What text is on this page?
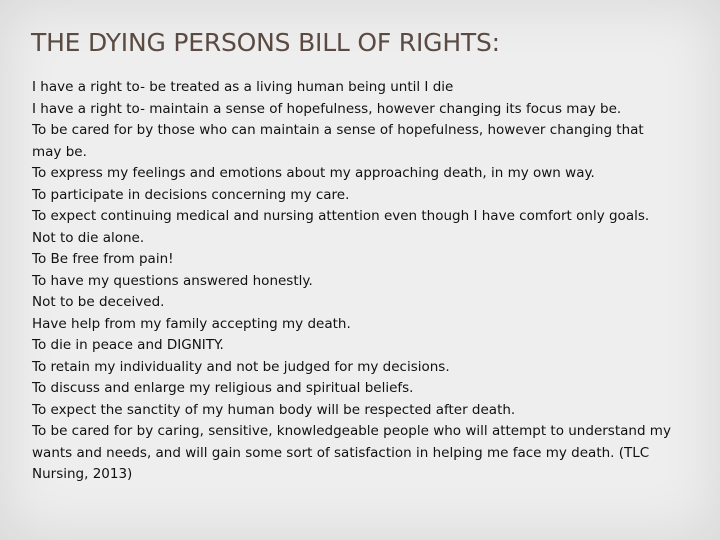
THE DYING PERSONS BILL OF RIGHTS:
I have a right to- be treated as a living human being until I die
I have a right to- maintain a sense of hopefulness, however changing its focus may be.
To be cared for by those who can maintain a sense of hopefulness, however changing that may be.
To express my feelings and emotions about my approaching death, in my own way.
To participate in decisions concerning my care.
To expect continuing medical and nursing attention even though I have comfort only goals.
Not to die alone.
To Be free from pain!
To have my questions answered honestly.
Not to be deceived.
Have help from my family accepting my death.
To die in peace and DIGNITY.
To retain my individuality and not be judged for my decisions.
To discuss and enlarge my religious and spiritual beliefs.
To expect the sanctity of my human body will be respected after death.
To be cared for by caring, sensitive, knowledgeable people who will attempt to understand my wants and needs, and will gain some sort of satisfaction in helping me face my death. (TLC Nursing, 2013)
